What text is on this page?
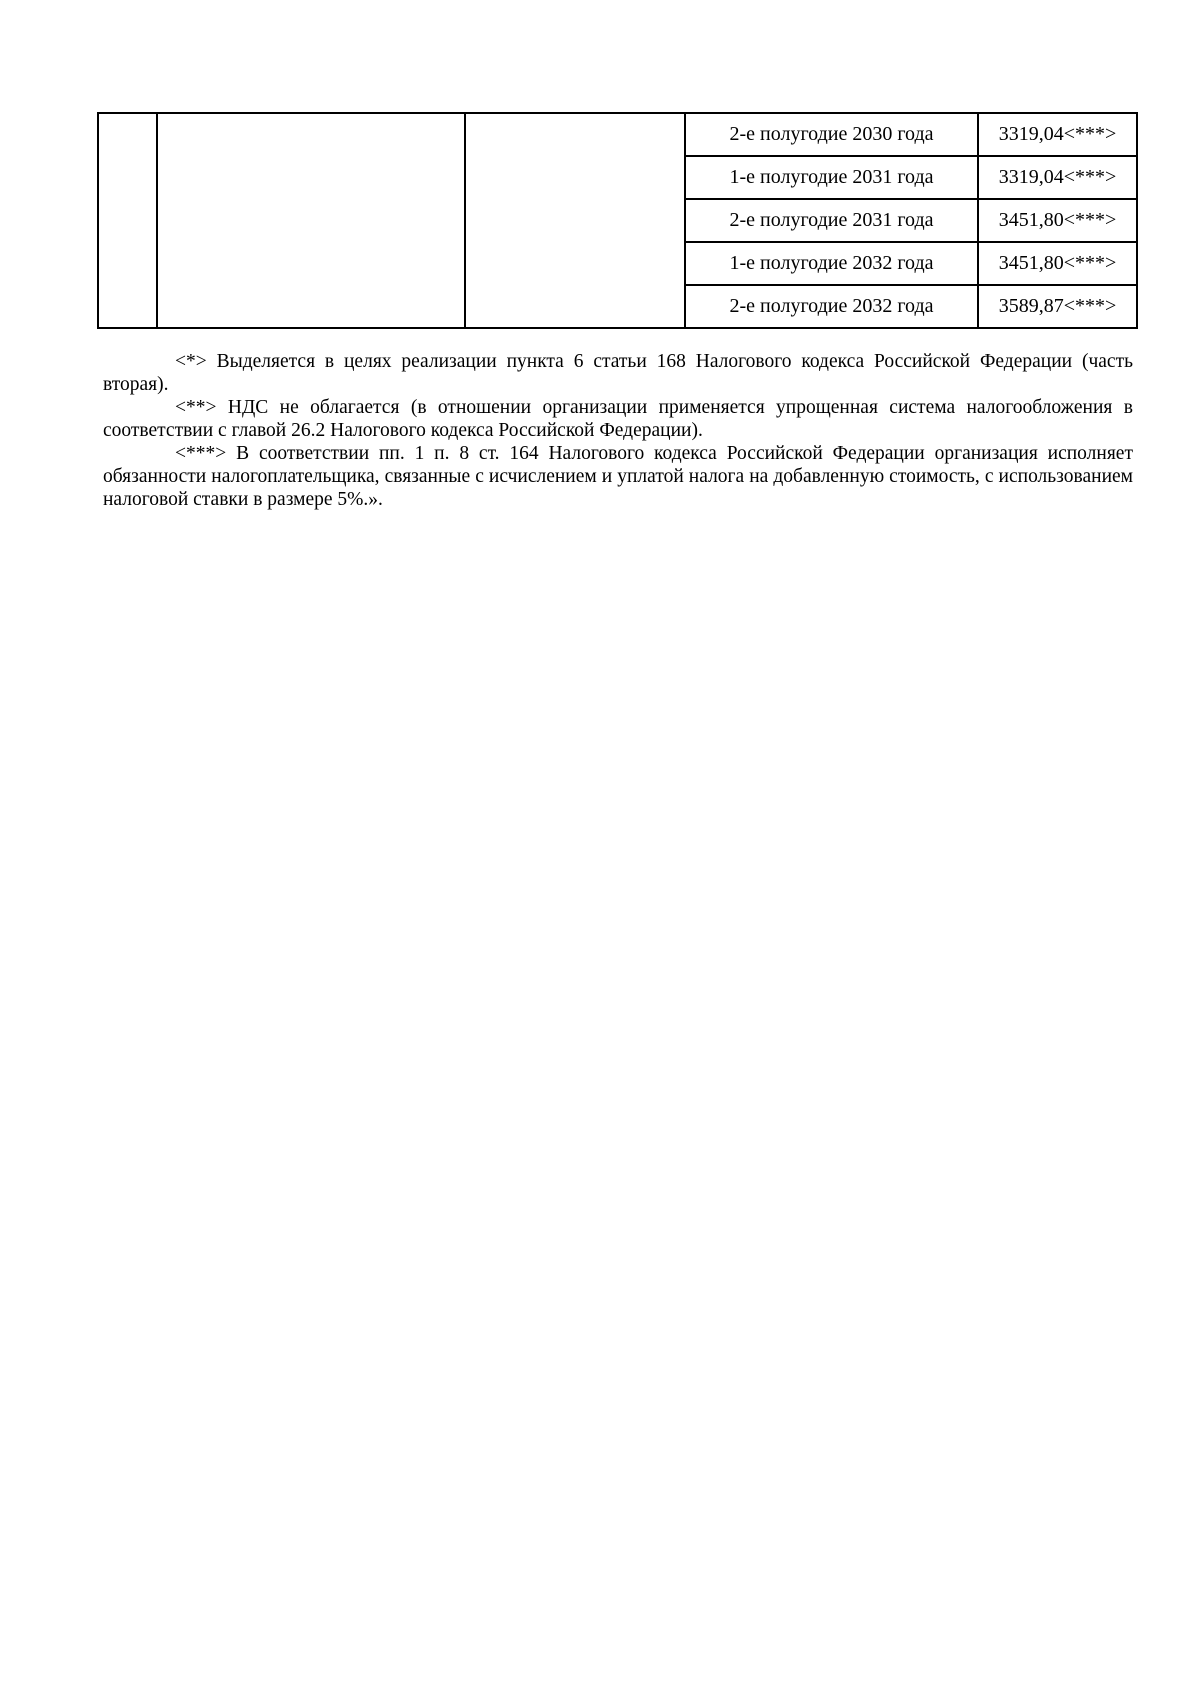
			2-е полугодие 2030 года	3319,04<***>
			1-е полугодие 2031 года	3319,04<***>
			2-е полугодие 2031 года	3451,80<***>
			1-е полугодие 2032 года	3451,80<***>
			2-е полугодие 2032 года	3589,87<***>

<*> Выделяется в целях реализации пункта 6 статьи 168 Налогового кодекса Российской Федерации (часть вторая).

<**> НДС не облагается (в отношении организации применяется упрощенная система налогообложения в соответствии с главой 26.2 Налогового кодекса Российской Федерации).

<***> В соответствии пп. 1 п. 8 ст. 164 Налогового кодекса Российской Федерации организация исполняет обязанности налогоплательщика, связанные с исчислением и уплатой налога на добавленную стоимость, с использованием налоговой ставки в размере 5%.».
